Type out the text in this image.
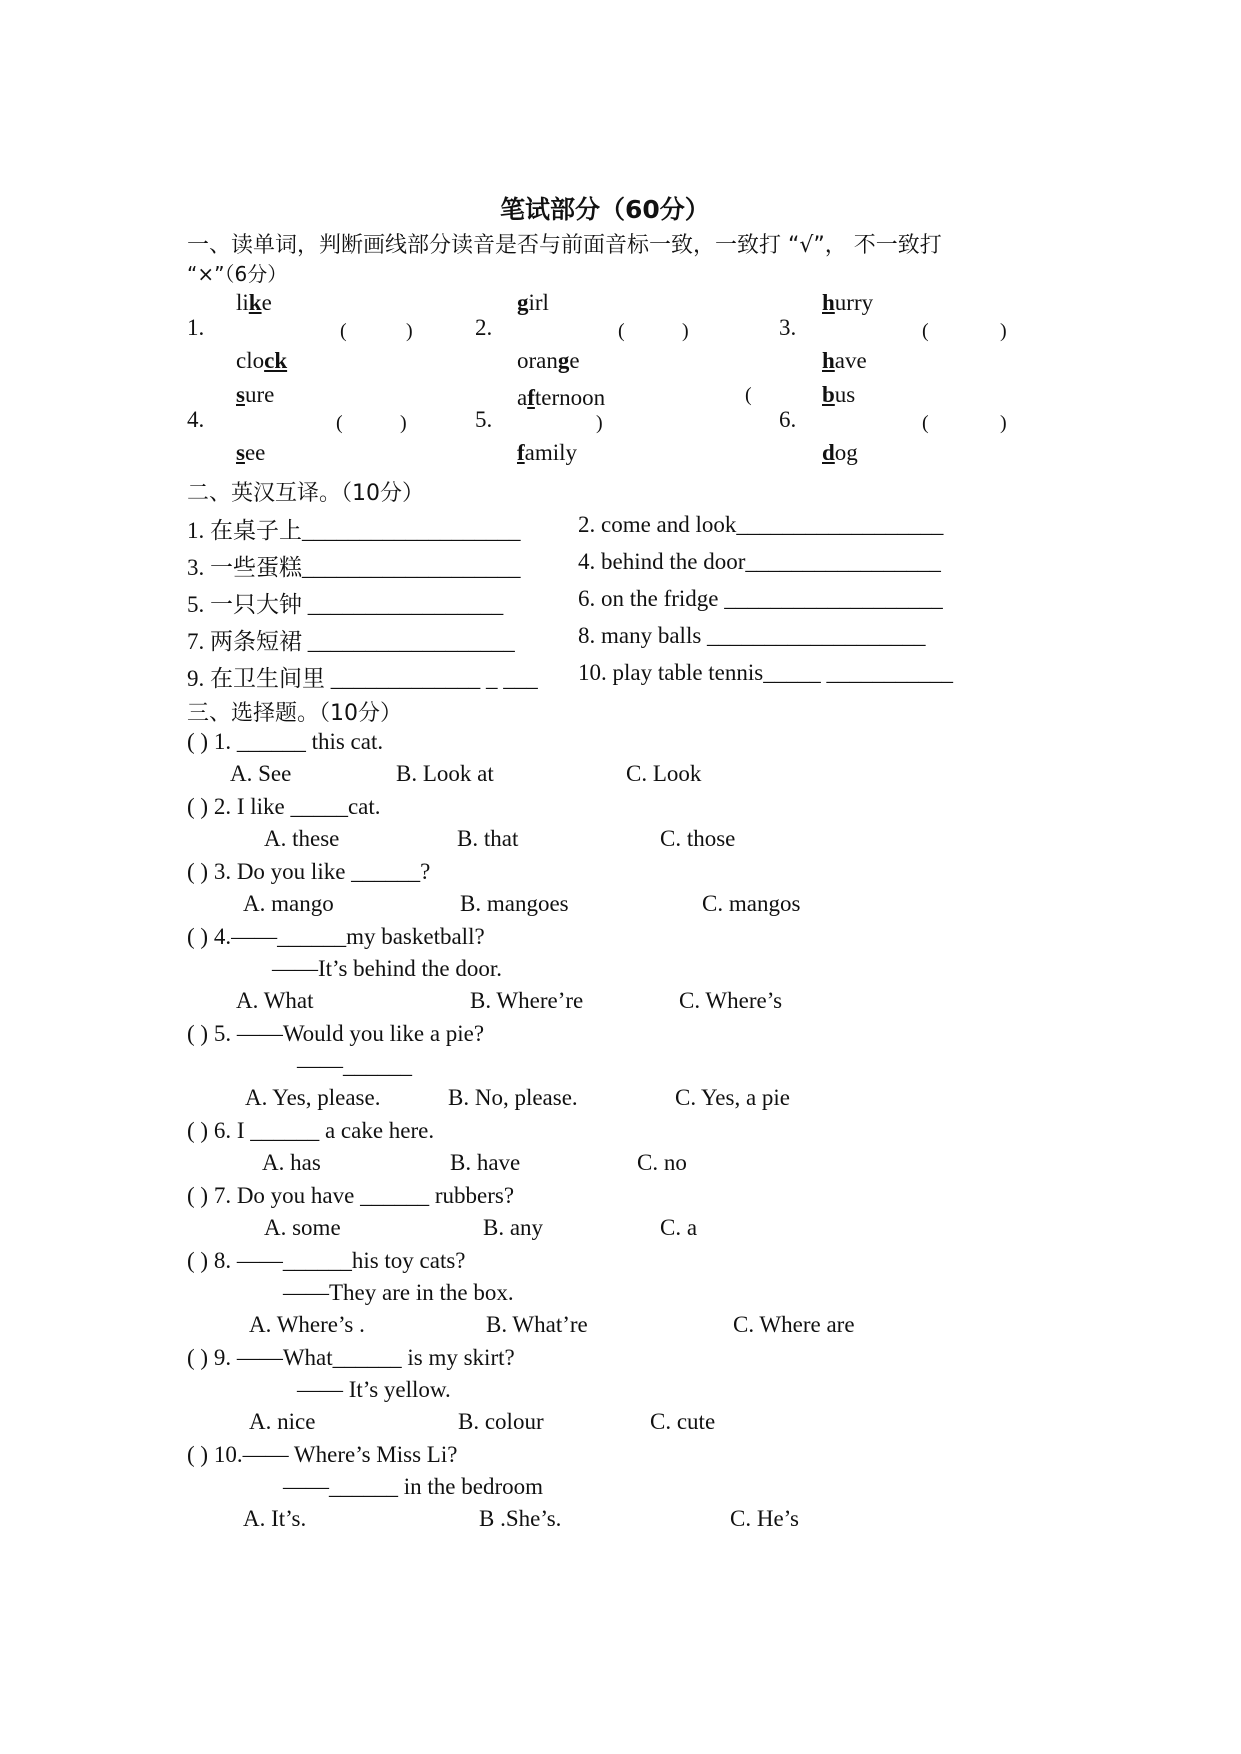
笔试部分（60分）
一、读单词，判断画线部分读音是否与前面音标一致，一致打 “√”， 不一致打
“×”（6分）
like	girl	hurry
1.	(	)	2.	(	)	3.	(	)
clock	orange	have
sure	afternoon	(	bus
4.	(	)	5.	)	6.	(	)
see	family	dog
二、英汉互译。（10分）
1. 在桌子上___________________	2. come and look__________________
3. 一些蛋糕___________________	4. behind the door_________________
5. 一只大钟 _________________	6. on the fridge ___________________
7. 两条短裙 __________________	8. many balls ___________________
9. 在卫生间里 _____________ _ ___ 10. play table tennis_____ ___________
三、选择题。（10分）
( ) 1. ______ this cat.
A. See	B. Look at	C. Look
( ) 2. I like _____cat.
A. these	B. that	C. those
( ) 3. Do you like ______?
A. mango	B. mangoes	C. mangos
( ) 4.——______my basketball?
——It’s behind the door.
A. What	B. Where’re	C. Where’s
( ) 5. ——Would you like a pie?
——______
A. Yes, please.	B. No, please.	C. Yes, a pie
( ) 6. I ______ a cake here.
A. has	B. have	C. no
( ) 7. Do you have ______ rubbers?
A. some	B. any	C. a
( ) 8. ——______his toy cats?
——They are in the box.
A. Where’s .	B. What’re	C. Where are
( ) 9. ——What______ is my skirt?
—— It’s yellow.
A. nice	B. colour	C. cute
( ) 10.—— Where’s Miss Li?
——______ in the bedroom
A. It’s.	B .She’s.	C. He’s
